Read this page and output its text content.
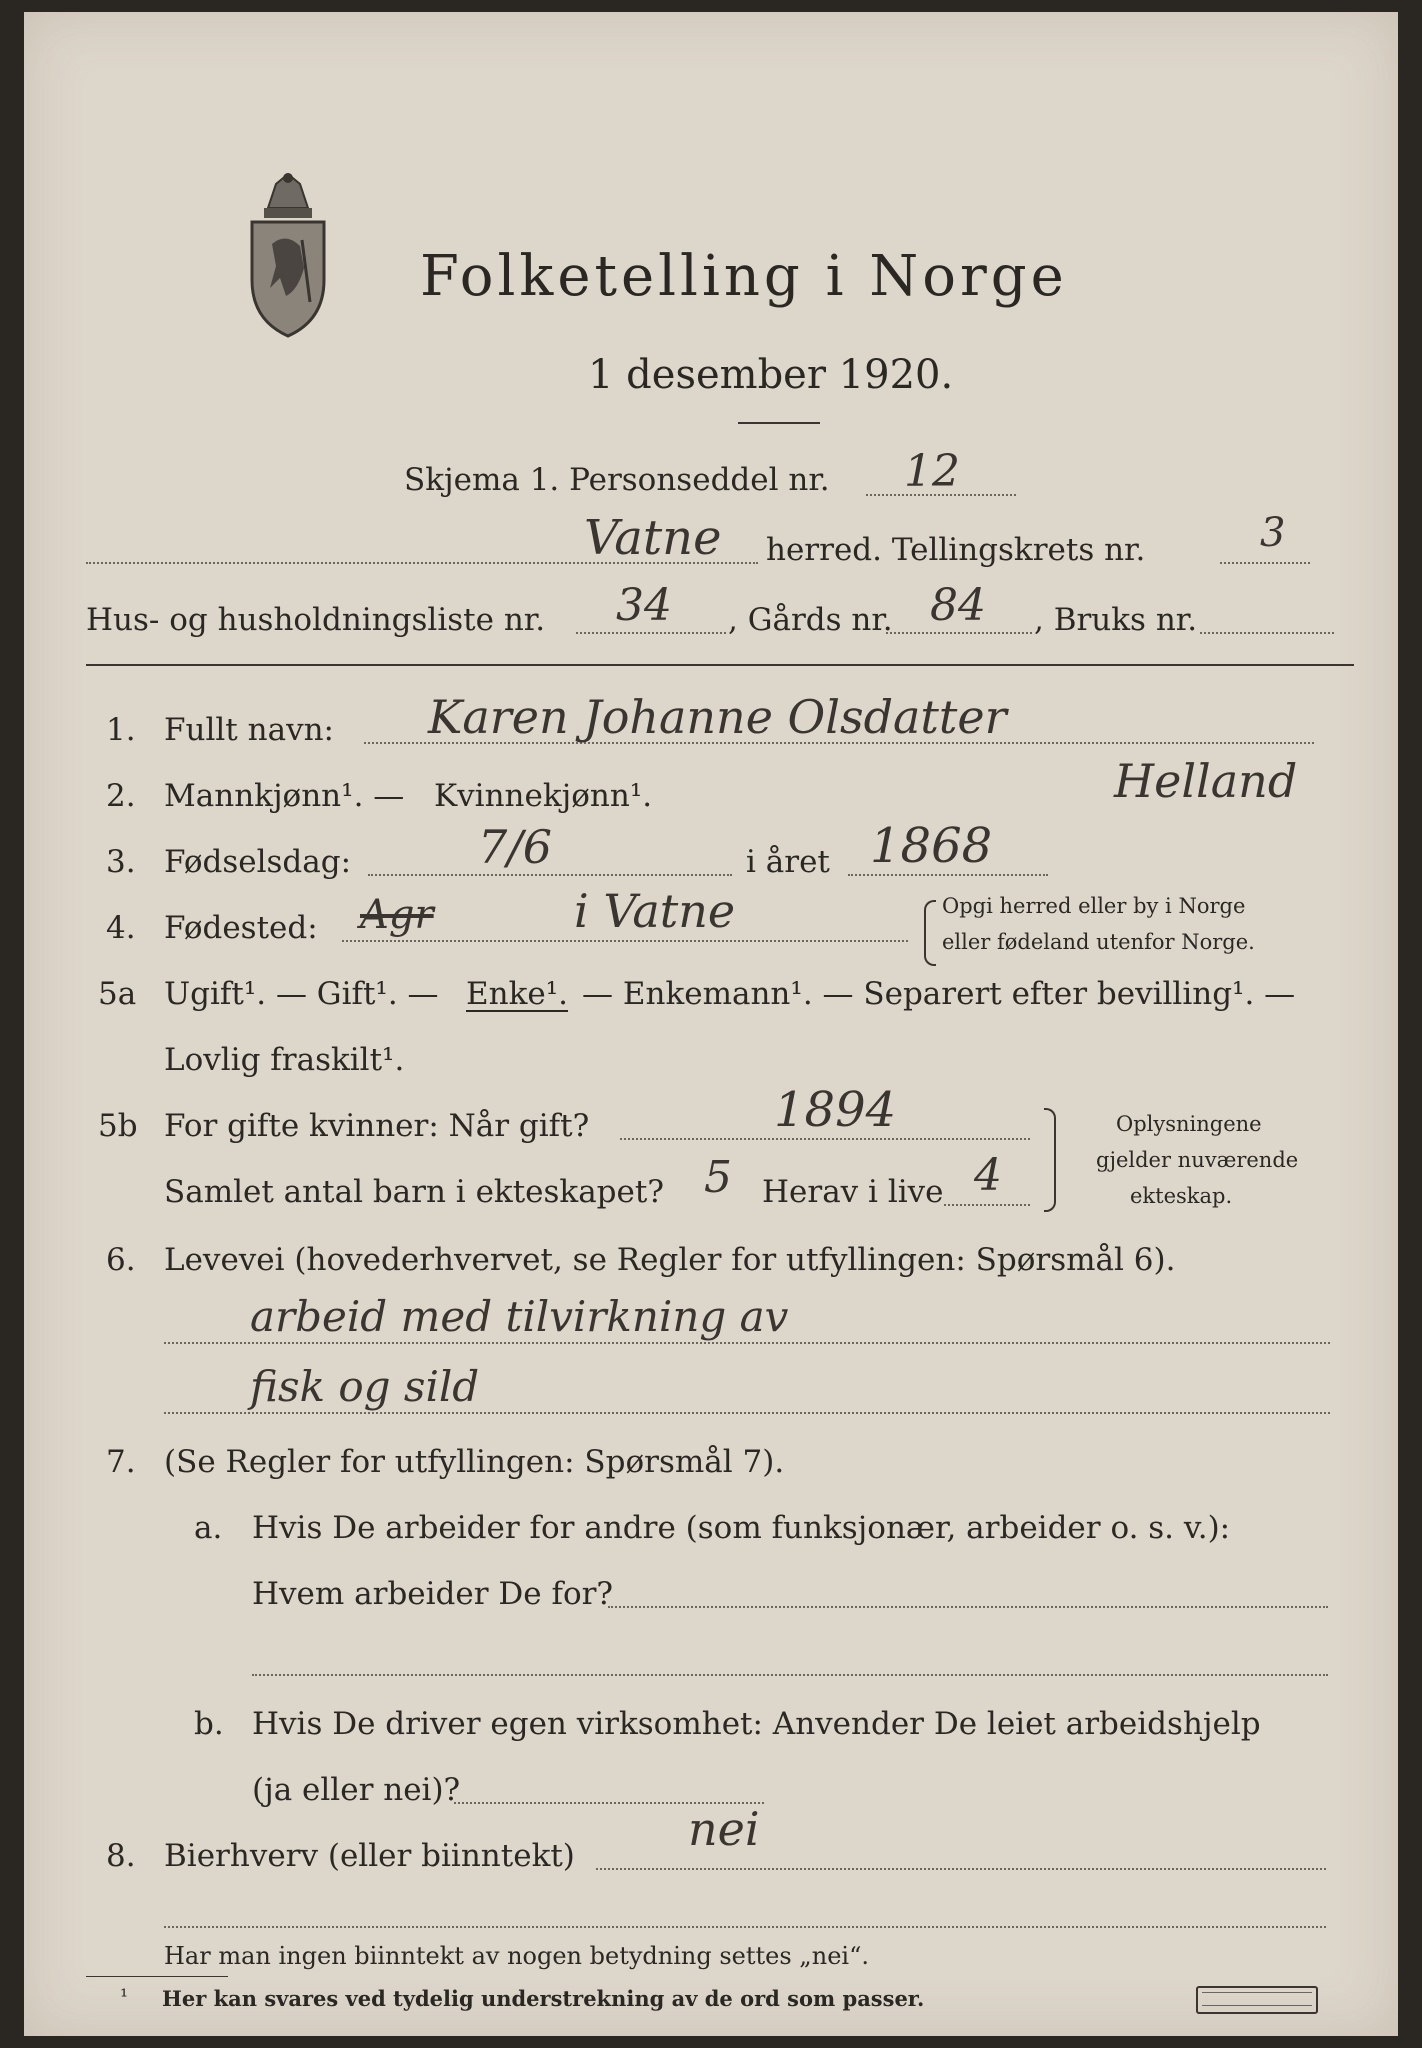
Folketelling i Norge
1 desember 1920.
Skjema 1. Personseddel nr. 12
Vatne herred. Tellingskrets nr.	3
Hus- og husholdningsliste nr. 34 , Gårds nr. 84 , Bruks nr.
1. Fullt navn: Karen Johanne Olsdatter
Helland
2. Mannkjønn¹. — Kvinnekjønn¹.
3. Fødselsdag:	7/6	i året 1868
4. Fødested: Agr	i Vatne	Opgi herred eller by i Norge
eller fødeland utenfor Norge.
5a Ugift¹. — Gift¹. — Enke¹. — Enkemann¹. — Separert efter bevilling¹. —
Lovlig fraskilt¹.
5b For gifte kvinner: Når gift?	1894
Samlet antal barn i ekteskapet? 5 Herav i live 4
Oplysningene
gjelder nuværende
ekteskap.
6. Levevei (hovederhvervet, se Regler for utfyllingen: Spørsmål 6).
arbeid med tilvirkning av
fisk og sild
7. (Se Regler for utfyllingen: Spørsmål 7).
a. Hvis De arbeider for andre (som funksjonær, arbeider o. s. v.):
Hvem arbeider De for?
b. Hvis De driver egen virksomhet: Anvender De leiet arbeidshjelp
(ja eller nei)?
8. Bierhverv (eller biinntekt) nei
Har man ingen biinntekt av nogen betydning settes „nei“.
¹ Her kan svares ved tydelig understrekning av de ord som passer.
